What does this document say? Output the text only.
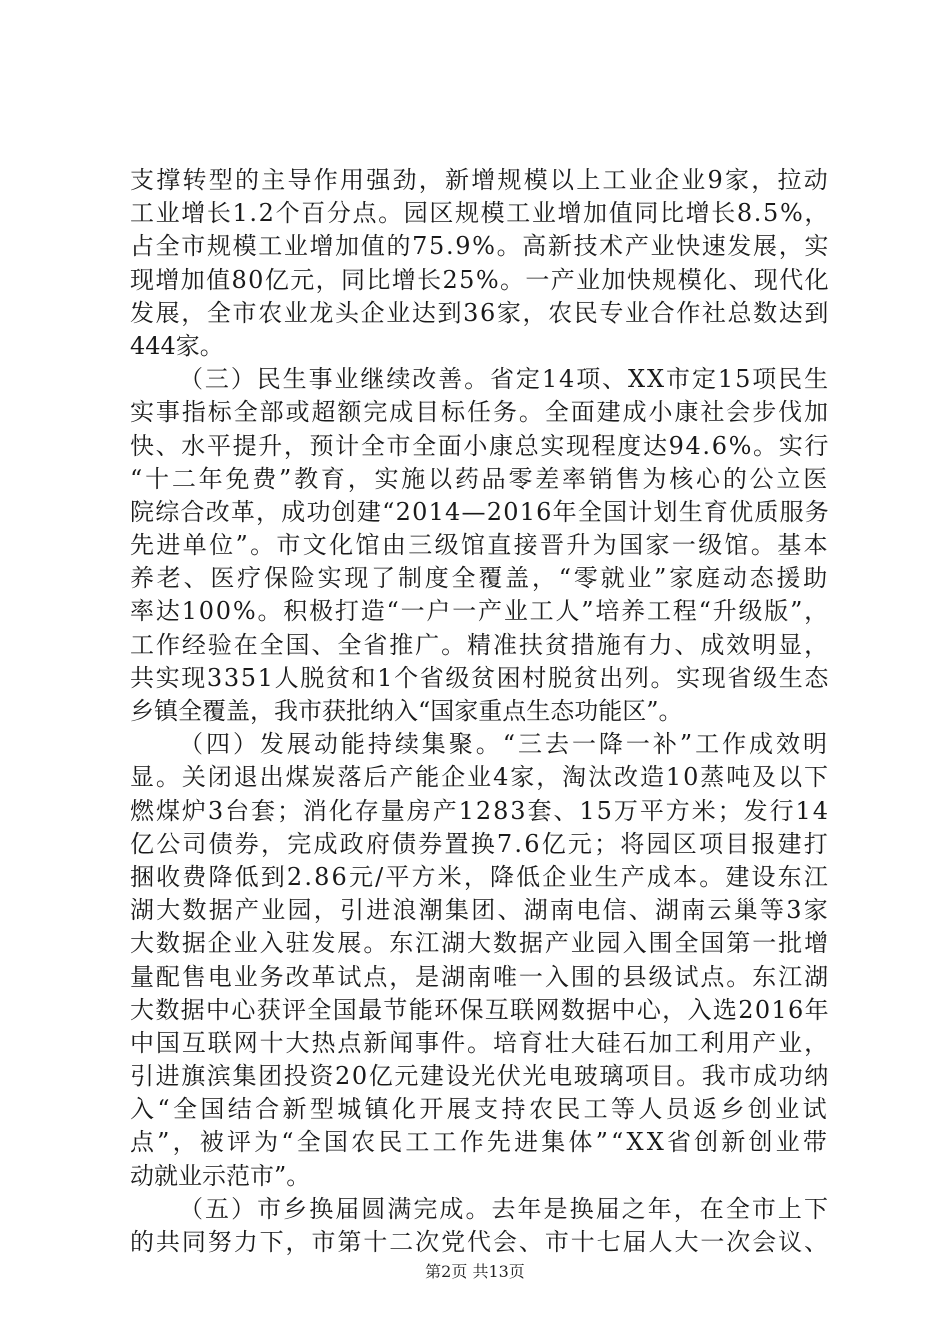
支撑转型的主导作用强劲，新增规模以上工业企业9家，拉动
工业增长1.2个百分点。园区规模工业增加值同比增长8.5%，
占全市规模工业增加值的75.9%。高新技术产业快速发展，实
现增加值80亿元，同比增长25%。一产业加快规模化、现代化
发展，全市农业龙头企业达到36家，农民专业合作社总数达到
444家。
（三）民生事业继续改善。省定14项、XX市定15项民生
实事指标全部或超额完成目标任务。全面建成小康社会步伐加
快、水平提升，预计全市全面小康总实现程度达94.6%。实行
“十二年免费”教育，实施以药品零差率销售为核心的公立医
院综合改革，成功创建“2014—2016年全国计划生育优质服务
先进单位”。市文化馆由三级馆直接晋升为国家一级馆。基本
养老、医疗保险实现了制度全覆盖，“零就业”家庭动态援助
率达100%。积极打造“一户一产业工人”培养工程“升级版”，
工作经验在全国、全省推广。精准扶贫措施有力、成效明显，
共实现3351人脱贫和1个省级贫困村脱贫出列。实现省级生态
乡镇全覆盖，我市获批纳入“国家重点生态功能区”。
（四）发展动能持续集聚。“三去一降一补”工作成效明
显。关闭退出煤炭落后产能企业4家，淘汰改造10蒸吨及以下
燃煤炉3台套；消化存量房产1283套、15万平方米；发行14
亿公司债券，完成政府债券置换7.6亿元；将园区项目报建打
捆收费降低到2.86元/平方米，降低企业生产成本。建设东江
湖大数据产业园，引进浪潮集团、湖南电信、湖南云巢等3家
大数据企业入驻发展。东江湖大数据产业园入围全国第一批增
量配售电业务改革试点，是湖南唯一入围的县级试点。东江湖
大数据中心获评全国最节能环保互联网数据中心，入选2016年
中国互联网十大热点新闻事件。培育壮大硅石加工利用产业，
引进旗滨集团投资20亿元建设光伏光电玻璃项目。我市成功纳
入“全国结合新型城镇化开展支持农民工等人员返乡创业试
点”，被评为“全国农民工工作先进集体”“XX省创新创业带
动就业示范市”。
（五）市乡换届圆满完成。去年是换届之年，在全市上下
的共同努力下，市第十二次党代会、市十七届人大一次会议、
第2页 共13页
